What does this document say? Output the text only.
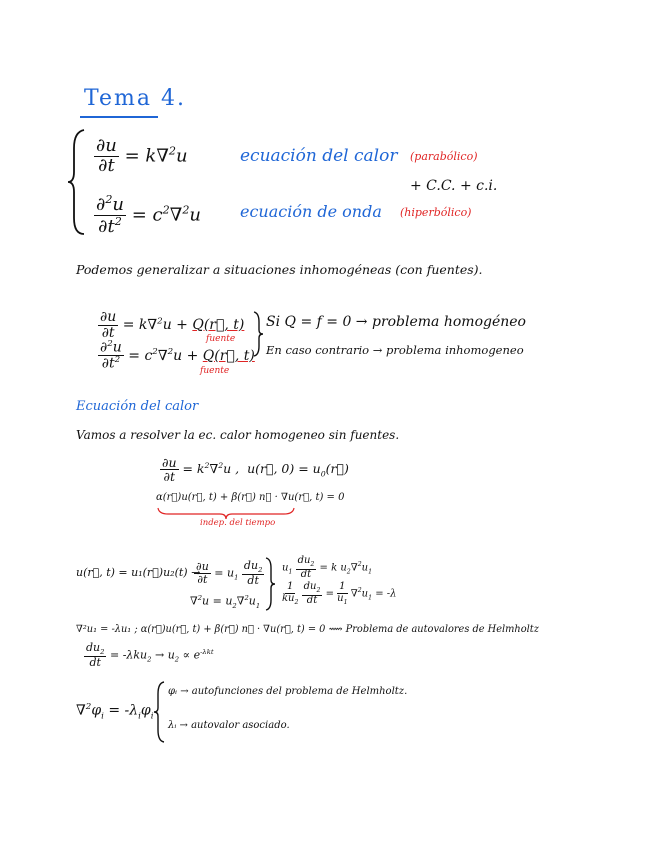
Tema 4.
$\frac{\partial u}{\partial t} = k\nabla^2u$	ecuación del calor (parabólico)
+ C.C. + c.i.
$\frac{\partial^2u}{\partial t^2} = c^2\nabla^2u$ ecuación de onda (hiperbólico)
Podemos generalizar a situaciones inhomogéneas (con fuentes).
$\frac{\partial u}{\partial t} = k\nabla^2u$ + Q(r⃗, t)
fuente
$\frac{\partial^2u}{\partial t^2} = c^2\nabla^2u$ + Q(r⃗, t)
fuente
Si Q = f = 0 → problema homogéneo
En caso contrario → problema inhomogeneo
Ecuación del calor
Vamos a resolver la ec. calor homogeneo sin fuentes.
$\frac{\partial u}{\partial t} = k^2\nabla^2u$ ,  u(r⃗, $0) = u_0(r⃗)$
α(r⃗)u(r⃗, t) + β(r⃗) n⃗ · ∇u(r⃗, t) = 0
indep. del tiempo
u(r⃗, t) = u₁(r⃗)u₂(t) →
$\frac{\partial u}{\partial t} = u_1 \frac{du_2}{dt}$
$\nabla^2u = u_2\nabla^2u_1$
$u_1 \frac{du_2}{dt} = k$ $u_2\nabla^2u_1$
$\frac{1}{ku_2}$
$\frac{du_2}{dt} = \frac{1}{u_1} \nabla^2u_1 = -\lambda$
∇²u₁ = -λu₁ ; α(r⃗)u(r⃗, t) + β(r⃗) n⃗ · ∇u(r⃗, t) = 0 ⟿ Problema de autovalores de Helmholtz
$\frac{du_2}{dt} = -\lambda ku_2 \to u_2 \propto e^{-\lambda kt}$
$\nabla^2\varphi_i = -\lambda_i\varphi_i$
φᵢ → autofunciones del problema de Helmholtz.
λᵢ → autovalor asociado.
